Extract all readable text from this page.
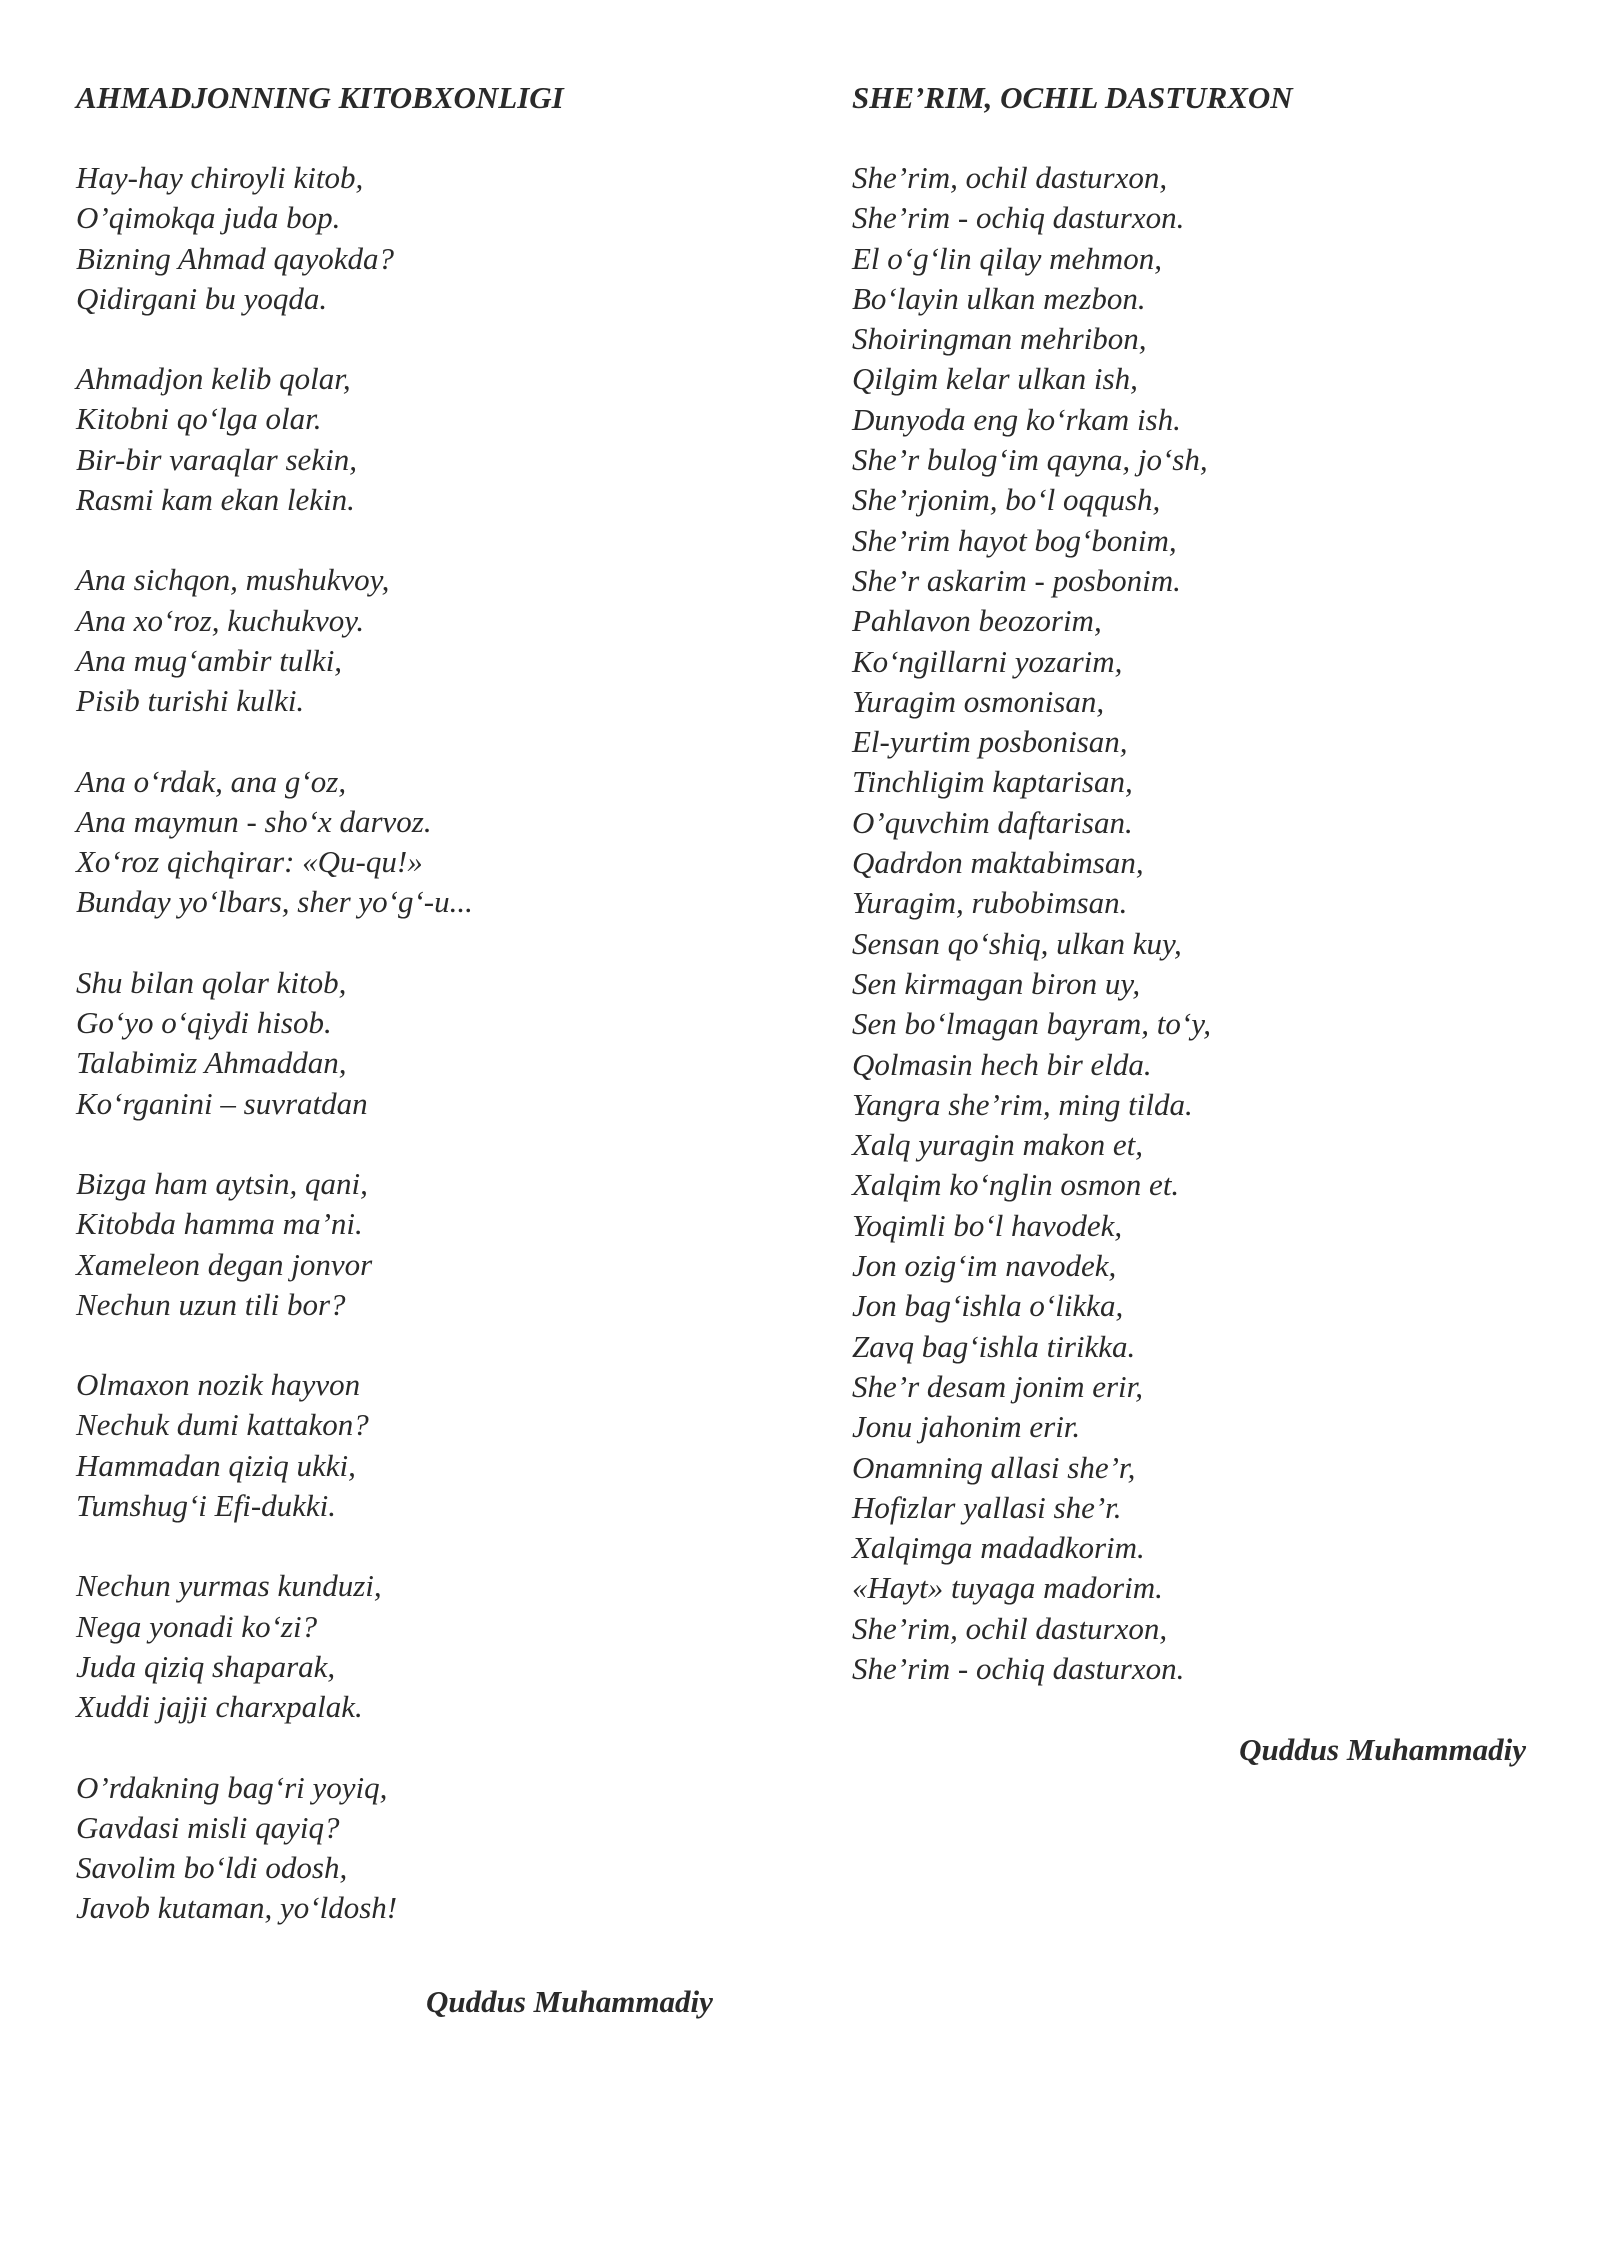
AHMADJONNING KITOBXONLIGI
Hay-hay chiroyli kitob,
O’qimokqa juda bop.
Bizning Ahmad qayokda?
Qidirgani bu yoqda.
Ahmadjon kelib qolar,
Kitobni qo‘lga olar.
Bir-bir varaqlar sekin,
Rasmi kam ekan lekin.
Ana sichqon, mushukvoy,
Ana xo‘roz, kuchukvoy.
Ana mug‘ambir tulki,
Pisib turishi kulki.
Ana o‘rdak, ana g‘oz,
Ana maymun - sho‘x darvoz.
Xo‘roz qichqirar: «Qu-qu!»
Bunday yo‘lbars, sher yo‘g‘-u...
Shu bilan qolar kitob,
Go‘yo o‘qiydi hisob.
Talabimiz Ahmaddan,
Ko‘rganini – suvratdan
Bizga ham aytsin, qani,
Kitobda hamma ma’ni.
Xameleon degan jonvor
Nechun uzun tili bor?
Olmaxon nozik hayvon
Nechuk dumi kattakon?
Hammadan qiziq ukki,
Tumshug‘i Efi-dukki.
Nechun yurmas kunduzi,
Nega yonadi ko‘zi?
Juda qiziq shaparak,
Xuddi jajji charxpalak.
O’rdakning bag‘ri yoyiq,
Gavdasi misli qayiq?
Savolim bo‘ldi odosh,
Javob kutaman, yo‘ldosh!
Quddus Muhammadiy
SHE’RIM, OCHIL DASTURXON
She’rim, ochil dasturxon,
She’rim - ochiq dasturxon.
El o‘g‘lin qilay mehmon,
Bo‘layin ulkan mezbon.
Shoiringman mehribon,
Qilgim kelar ulkan ish,
Dunyoda eng ko‘rkam ish.
She’r bulog‘im qayna, jo‘sh,
She’rjonim, bo‘l oqqush,
She’rim hayot bog‘bonim,
She’r askarim - posbonim.
Pahlavon beozorim,
Ko‘ngillarni yozarim,
Yuragim osmonisan,
El-yurtim posbonisan,
Tinchligim kaptarisan,
O’quvchim daftarisan.
Qadrdon maktabimsan,
Yuragim, rubobimsan.
Sensan qo‘shiq, ulkan kuy,
Sen kirmagan biron uy,
Sen bo‘lmagan bayram, to‘y,
Qolmasin hech bir elda.
Yangra she’rim, ming tilda.
Xalq yuragin makon et,
Xalqim ko‘nglin osmon et.
Yoqimli bo‘l havodek,
Jon ozig‘im navodek,
Jon bag‘ishla o‘likka,
Zavq bag‘ishla tirikka.
She’r desam jonim erir,
Jonu jahonim erir.
Onamning allasi she’r,
Hofizlar yallasi she’r.
Xalqimga madadkorim.
«Hayt» tuyaga madorim.
She’rim, ochil dasturxon,
She’rim - ochiq dasturxon.
Quddus Muhammadiy
